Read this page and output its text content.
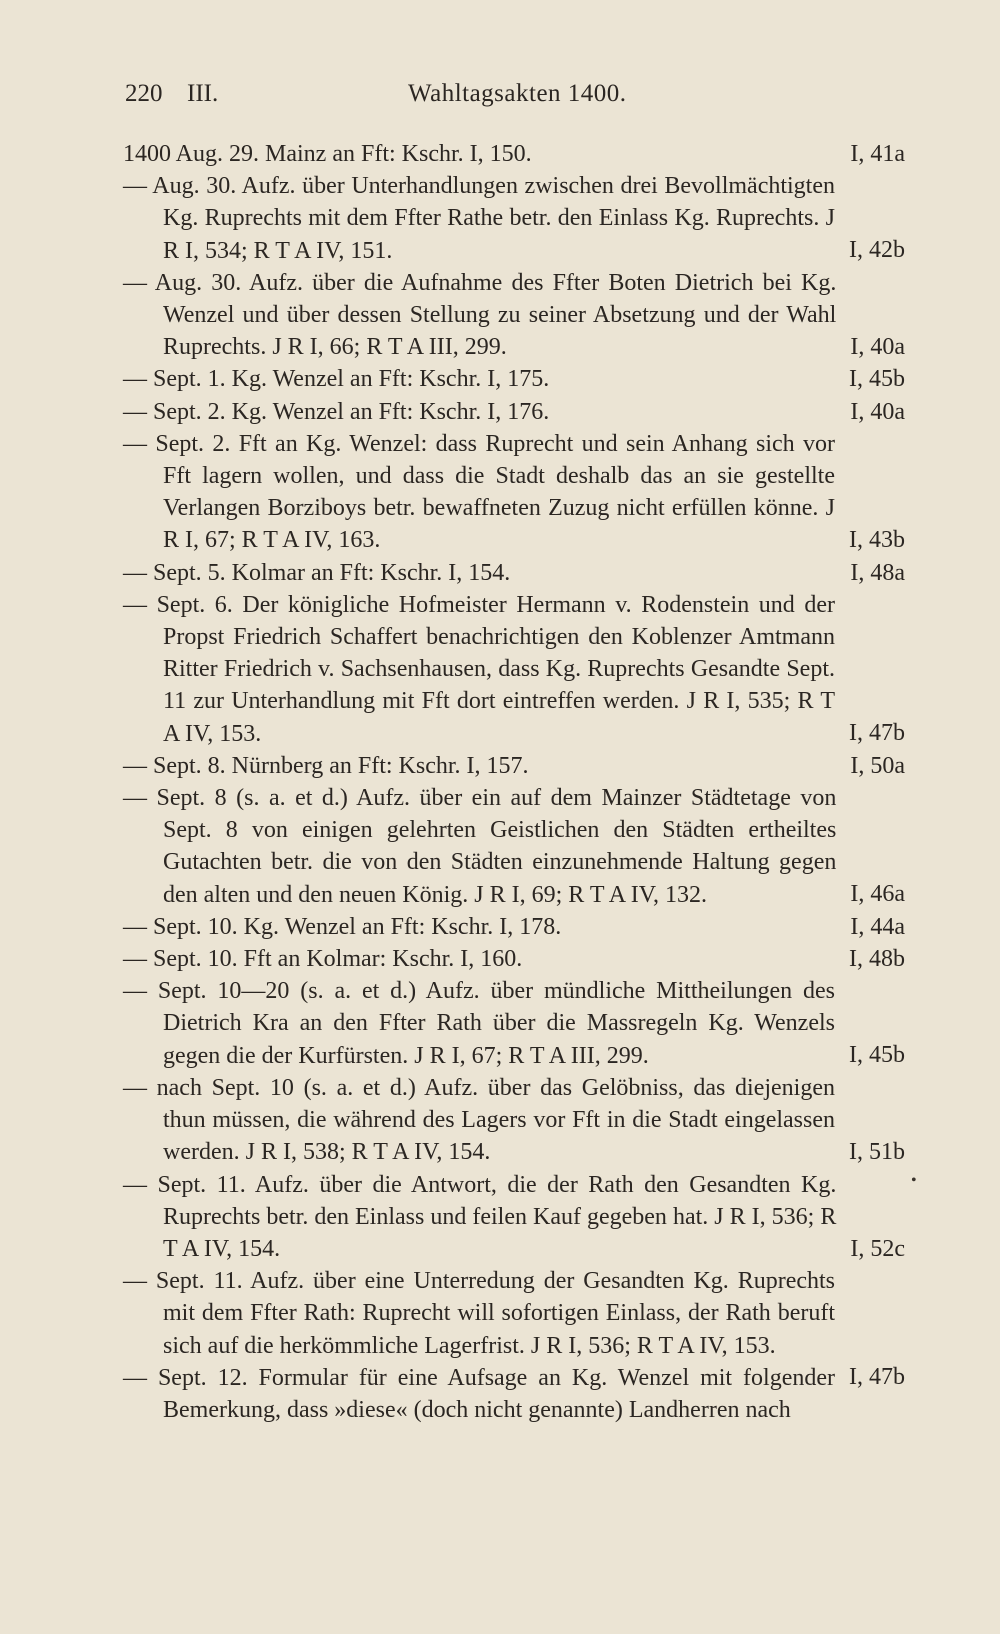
220 III.	Wahltagsakten 1400.
I, 41a
1400 Aug. 29. Mainz an Fft: Kschr. I, 150.
I, 42b
— Aug. 30. Aufz. über Unterhandlungen zwischen drei Bevollmächtigten Kg. Ruprechts mit dem Ffter Rathe betr. den Einlass Kg. Ruprechts. J R I, 534; R T A IV, 151.
I, 40a
— Aug. 30. Aufz. über die Aufnahme des Ffter Boten Dietrich bei Kg. Wenzel und über dessen Stellung zu seiner Absetzung und der Wahl Ruprechts. J R I, 66; R T A III, 299.
I, 45b
— Sept. 1. Kg. Wenzel an Fft: Kschr. I, 175.
I, 40a
— Sept. 2. Kg. Wenzel an Fft: Kschr. I, 176.
I, 43b
— Sept. 2. Fft an Kg. Wenzel: dass Ruprecht und sein Anhang sich vor Fft lagern wollen, und dass die Stadt deshalb das an sie gestellte Verlangen Borziboys betr. bewaffneten Zuzug nicht erfüllen könne. J R I, 67; R T A IV, 163.
I, 48a
— Sept. 5. Kolmar an Fft: Kschr. I, 154.
I, 47b
— Sept. 6. Der königliche Hofmeister Hermann v. Rodenstein und der Propst Friedrich Schaffert benachrichtigen den Koblenzer Amtmann Ritter Friedrich v. Sachsenhausen, dass Kg. Ruprechts Gesandte Sept. 11 zur Unterhandlung mit Fft dort eintreffen werden. J R I, 535; R T A IV, 153.
I, 50a
— Sept. 8. Nürnberg an Fft: Kschr. I, 157.
I, 46a
— Sept. 8 (s. a. et d.) Aufz. über ein auf dem Mainzer Städtetage von Sept. 8 von einigen gelehrten Geistlichen den Städten ertheiltes Gutachten betr. die von den Städten einzunehmende Haltung gegen den alten und den neuen König. J R I, 69; R T A IV, 132.
I, 44a
— Sept. 10. Kg. Wenzel an Fft: Kschr. I, 178.
I, 48b
— Sept. 10. Fft an Kolmar: Kschr. I, 160.
I, 45b
— Sept. 10—20 (s. a. et d.) Aufz. über mündliche Mittheilungen des Dietrich Kra an den Ffter Rath über die Massregeln Kg. Wenzels gegen die der Kurfürsten. J R I, 67; R T A III, 299.
I, 51b
— nach Sept. 10 (s. a. et d.) Aufz. über das Gelöbniss, das diejenigen thun müssen, die während des Lagers vor Fft in die Stadt eingelassen werden. J R I, 538; R T A IV, 154.
I, 52c
— Sept. 11. Aufz. über die Antwort, die der Rath den Gesandten Kg. Ruprechts betr. den Einlass und feilen Kauf gegeben hat. J R I, 536; R T A IV, 154.
I, 47b
— Sept. 11. Aufz. über eine Unterredung der Gesandten Kg. Ruprechts mit dem Ffter Rath: Ruprecht will sofortigen Einlass, der Rath beruft sich auf die herkömmliche Lagerfrist. J R I, 536; R T A IV, 153.
— Sept. 12. Formular für eine Aufsage an Kg. Wenzel mit folgender Bemerkung, dass »diese« (doch nicht genannte) Landherren nach
•
